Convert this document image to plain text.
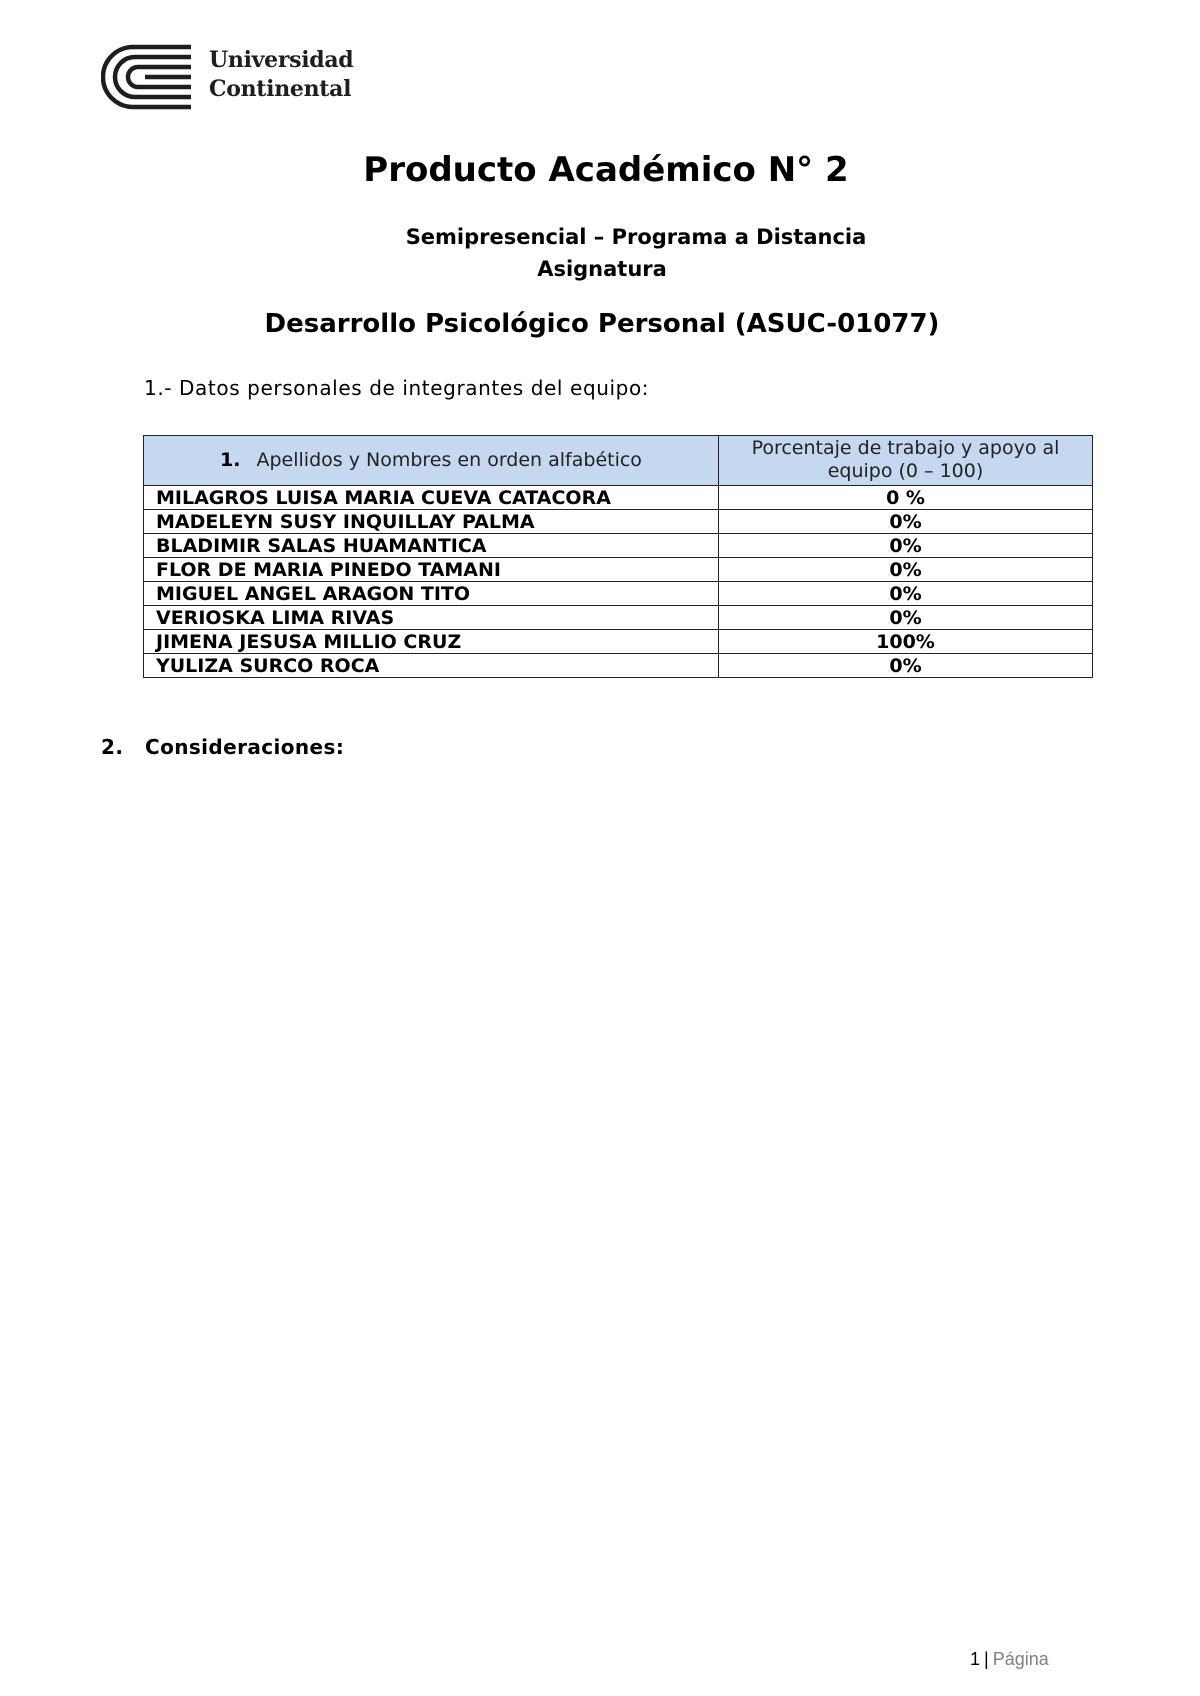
Universidad
Continental
Producto Académico N° 2

Semipresencial – Programa a Distancia

Asignatura

Desarrollo Psicológico Personal (ASUC-01077)

1.- Datos personales de integrantes del equipo:

1. Apellidos y Nombres en orden alfabético	Porcentaje de trabajo y apoyo al equipo (0 – 100)
MILAGROS LUISA MARIA CUEVA CATACORA	0 %
MADELEYN SUSY INQUILLAY PALMA	0%
BLADIMIR SALAS HUAMANTICA	0%
FLOR DE MARIA PINEDO TAMANI	0%
MIGUEL ANGEL ARAGON TITO	0%
VERIOSKA LIMA RIVAS	0%
JIMENA JESUSA MILLIO CRUZ	100%
YULIZA SURCO ROCA	0%

2. Consideraciones:

1 | Página
